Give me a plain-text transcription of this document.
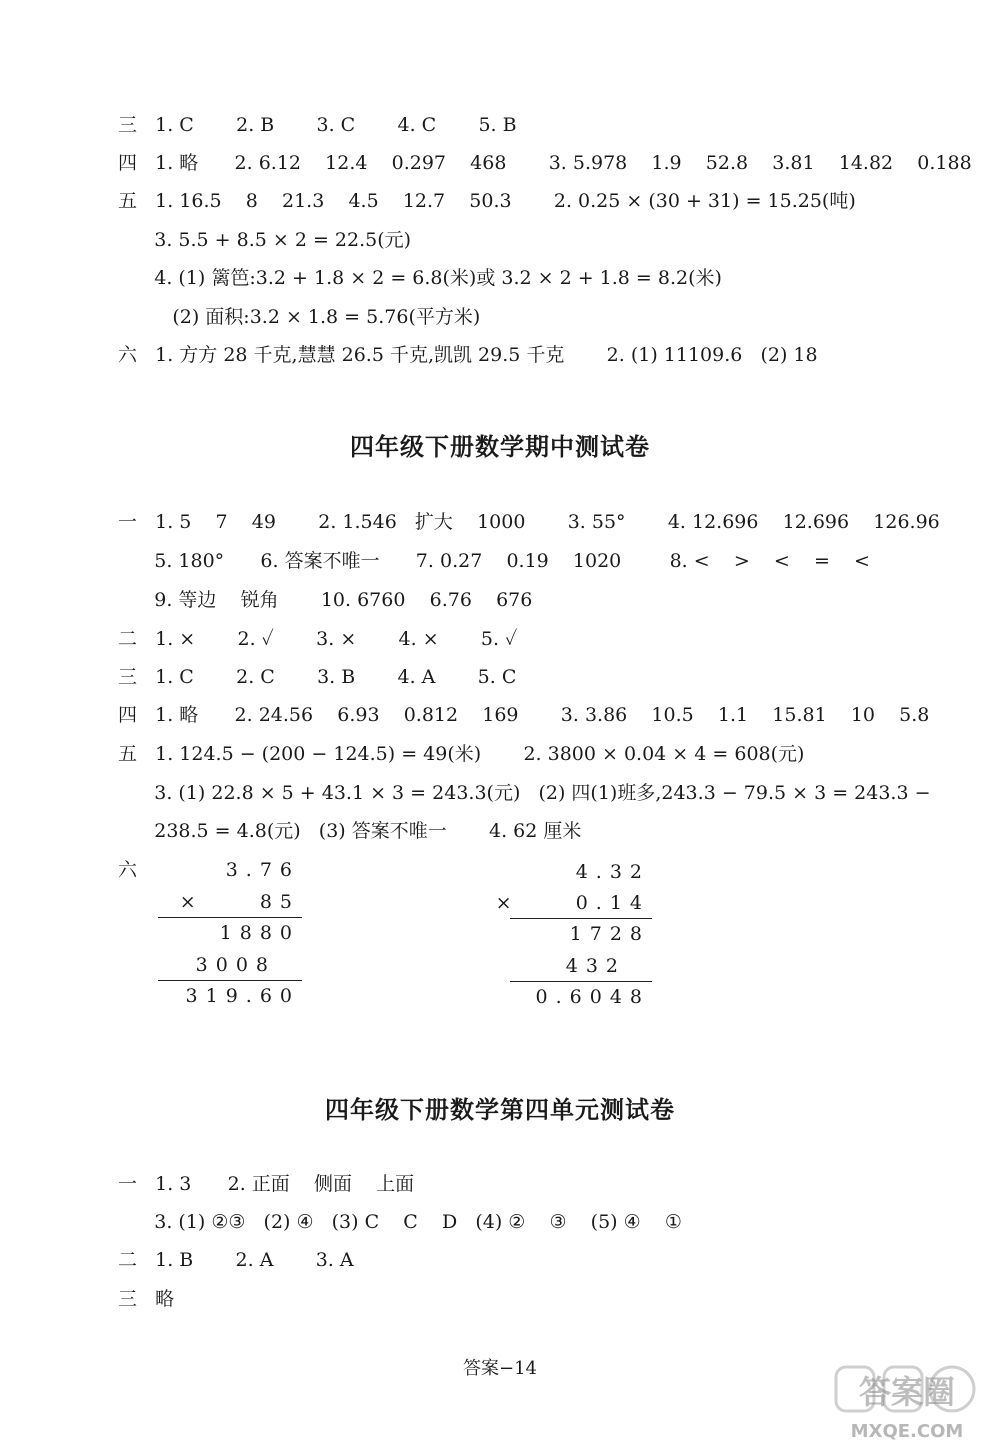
三   1. C       2. B       3. C       4. C       5. B
四   1. 略      2. 6.12    12.4    0.297    468       3. 5.978    1.9    52.8    3.81    14.82    0.188
五   1. 16.5    8    21.3    4.5    12.7    50.3       2. 0.25 × (30 + 31) = 15.25(吨)
3. 5.5 + 8.5 × 2 = 22.5(元)
4. (1) 篱笆:3.2 + 1.8 × 2 = 6.8(米)或 3.2 × 2 + 1.8 = 8.2(米)
(2) 面积:3.2 × 1.8 = 5.76(平方米)
六   1. 方方 28 千克,慧慧 26.5 千克,凯凯 29.5 千克       2. (1) 11109.6   (2) 18
四年级下册数学期中测试卷
一   1. 5    7    49       2. 1.546   扩大    1000       3. 55°       4. 12.696    12.696    126.96
5. 180°      6. 答案不唯一      7. 0.27    0.19    1020        8. <    >    <    =    <
9. 等边    锐角       10. 6760    6.76    676
二   1. ×       2. ✓       3. ×       4. ×       5. ✓
三   1. C       2. C       3. B       4. A       5. C
四   1. 略      2. 24.56    6.93    0.812    169       3. 3.86    10.5    1.1    15.81    10    5.8
五   1. 124.5 − (200 − 124.5) = 49(米)       2. 3800 × 0.04 × 4 = 608(元)
3. (1) 22.8 × 5 + 43.1 × 3 = 243.3(元)   (2) 四(1)班多,243.3 − 79.5 × 3 = 243.3 −
238.5 = 4.8(元)   (3) 答案不唯一       4. 62 厘米
六	3.76
×    85
1880
3008
319.60
4.32
×    0.14
1728
432
0.6048
四年级下册数学第四单元测试卷
一   1. 3      2. 正面    侧面    上面
3. (1) ②③   (2) ④   (3) C    C    D   (4) ②    ③    (5) ④    ①
二   1. B       2. A       3. A
三   略
答案−14
答案圈
MXQE.COM
